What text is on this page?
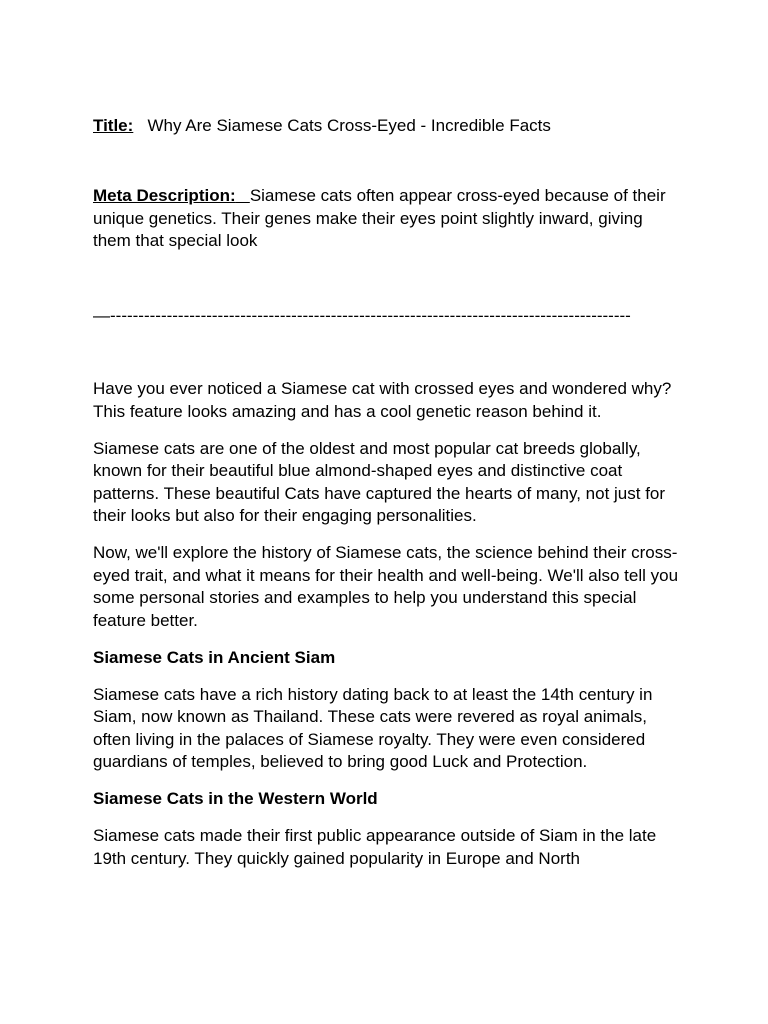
Title: Why Are Siamese Cats Cross-Eyed - Incredible Facts
Meta Description: Siamese cats often appear cross-eyed because of their unique genetics. Their genes make their eyes point slightly inward, giving them that special look
—--------------------------------------------------------------------------------------------

Have you ever noticed a Siamese cat with crossed eyes and wondered why? This feature looks amazing and has a cool genetic reason behind it.

Siamese cats are one of the oldest and most popular cat breeds globally, known for their beautiful blue almond-shaped eyes and distinctive coat patterns. These beautiful Cats have captured the hearts of many, not just for their looks but also for their engaging personalities.

Now, we'll explore the history of Siamese cats, the science behind their cross-eyed trait, and what it means for their health and well-being. We'll also tell you some personal stories and examples to help you understand this special feature better.

Siamese Cats in Ancient Siam

Siamese cats have a rich history dating back to at least the 14th century in Siam, now known as Thailand. These cats were revered as royal animals, often living in the palaces of Siamese royalty. They were even considered guardians of temples, believed to bring good Luck and Protection.

Siamese Cats in the Western World

Siamese cats made their first public appearance outside of Siam in the late 19th century. They quickly gained popularity in Europe and North
